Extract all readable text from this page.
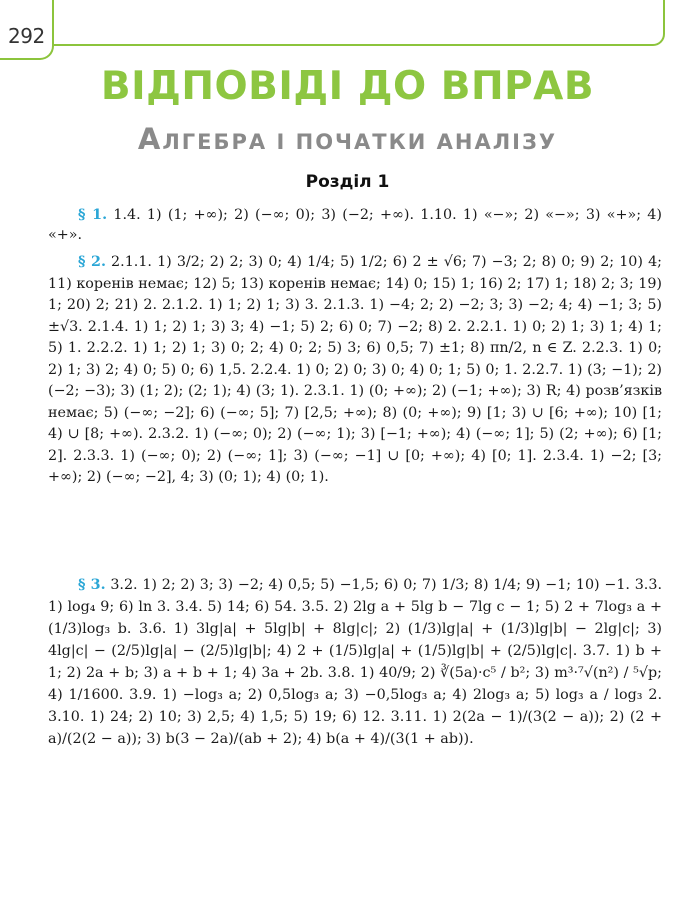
292
ВІДПОВІДІ ДО ВПРАВ
АЛГЕБРА І ПОЧАТКИ АНАЛІЗУ
Розділ 1
§ 1. 1.4. 1) (1; +∞); 2) (−∞; 0); 3) (−2; +∞). 1.10. 1) «−»; 2) «−»; 3) «+»; 4) «+».
§ 2. 2.1.1. 1) 3/2; 2) 2; 3) 0; 4) 1/4; 5) 1/2; 6) 2 ± √6; 7) −3; 2; 8) 0; 9) 2; 10) 4; 11) коренів немає; 12) 5; 13) коренів немає; 14) 0; 15) 1; 16) 2; 17) 1; 18) 2; 3; 19) 1; 20) 2; 21) 2. 2.1.2. 1) 1; 2) 1; 3) 3. 2.1.3. 1) −4; 2; 2) −2; 3; 3) −2; 4; 4) −1; 3; 5) ±√3. 2.1.4. 1) 1; 2) 1; 3) 3; 4) −1; 5) 2; 6) 0; 7) −2; 8) 2. 2.2.1. 1) 0; 2) 1; 3) 1; 4) 1; 5) 1. 2.2.2. 1) 1; 2) 1; 3) 0; 2; 4) 0; 2; 5) 3; 6) 0,5; 7) ±1; 8) πn/2, n ∈ Z. 2.2.3. 1) 0; 2) 1; 3) 2; 4) 0; 5) 0; 6) 1,5. 2.2.4. 1) 0; 2) 0; 3) 0; 4) 0; 1; 5) 0; 1. 2.2.7. 1) (3; −1); 2) (−2; −3); 3) (1; 2); (2; 1); 4) (3; 1). 2.3.1. 1) (0; +∞); 2) (−1; +∞); 3) R; 4) розв’язків немає; 5) (−∞; −2]; 6) (−∞; 5]; 7) [2,5; +∞); 8) (0; +∞); 9) [1; 3) ∪ [6; +∞); 10) [1; 4) ∪ [8; +∞). 2.3.2. 1) (−∞; 0); 2) (−∞; 1); 3) [−1; +∞); 4) (−∞; 1]; 5) (2; +∞); 6) [1; 2]. 2.3.3. 1) (−∞; 0); 2) (−∞; 1]; 3) (−∞; −1] ∪ [0; +∞); 4) [0; 1]. 2.3.4. 1) −2; [3; +∞); 2) (−∞; −2], 4; 3) (0; 1); 4) (0; 1).
§ 3. 3.2. 1) 2; 2) 3; 3) −2; 4) 0,5; 5) −1,5; 6) 0; 7) 1/3; 8) 1/4; 9) −1; 10) −1. 3.3. 1) log₄ 9; 6) ln 3. 3.4. 5) 14; 6) 54. 3.5. 2) 2lg a + 5lg b − 7lg c − 1; 5) 2 + 7log₃ a + (1/3)log₃ b. 3.6. 1) 3lg|a| + 5lg|b| + 8lg|c|; 2) (1/3)lg|a| + (1/3)lg|b| − 2lg|c|; 3) 4lg|c| − (2/5)lg|a| − (2/5)lg|b|; 4) 2 + (1/5)lg|a| + (1/5)lg|b| + (2/5)lg|c|. 3.7. 1) b + 1; 2) 2a + b; 3) a + b + 1; 4) 3a + 2b. 3.8. 1) 40/9; 2) ∛(5a)·c⁵ / b²; 3) m³·⁷√(n²) / ⁵√p; 4) 1/1600. 3.9. 1) −log₃ a; 2) 0,5log₃ a; 3) −0,5log₃ a; 4) 2log₃ a; 5) log₃ a / log₃ 2. 3.10. 1) 24; 2) 10; 3) 2,5; 4) 1,5; 5) 19; 6) 12. 3.11. 1) 2(2a − 1)/(3(2 − a)); 2) (2 + a)/(2(2 − a)); 3) b(3 − 2a)/(ab + 2); 4) b(a + 4)/(3(1 + ab)).
